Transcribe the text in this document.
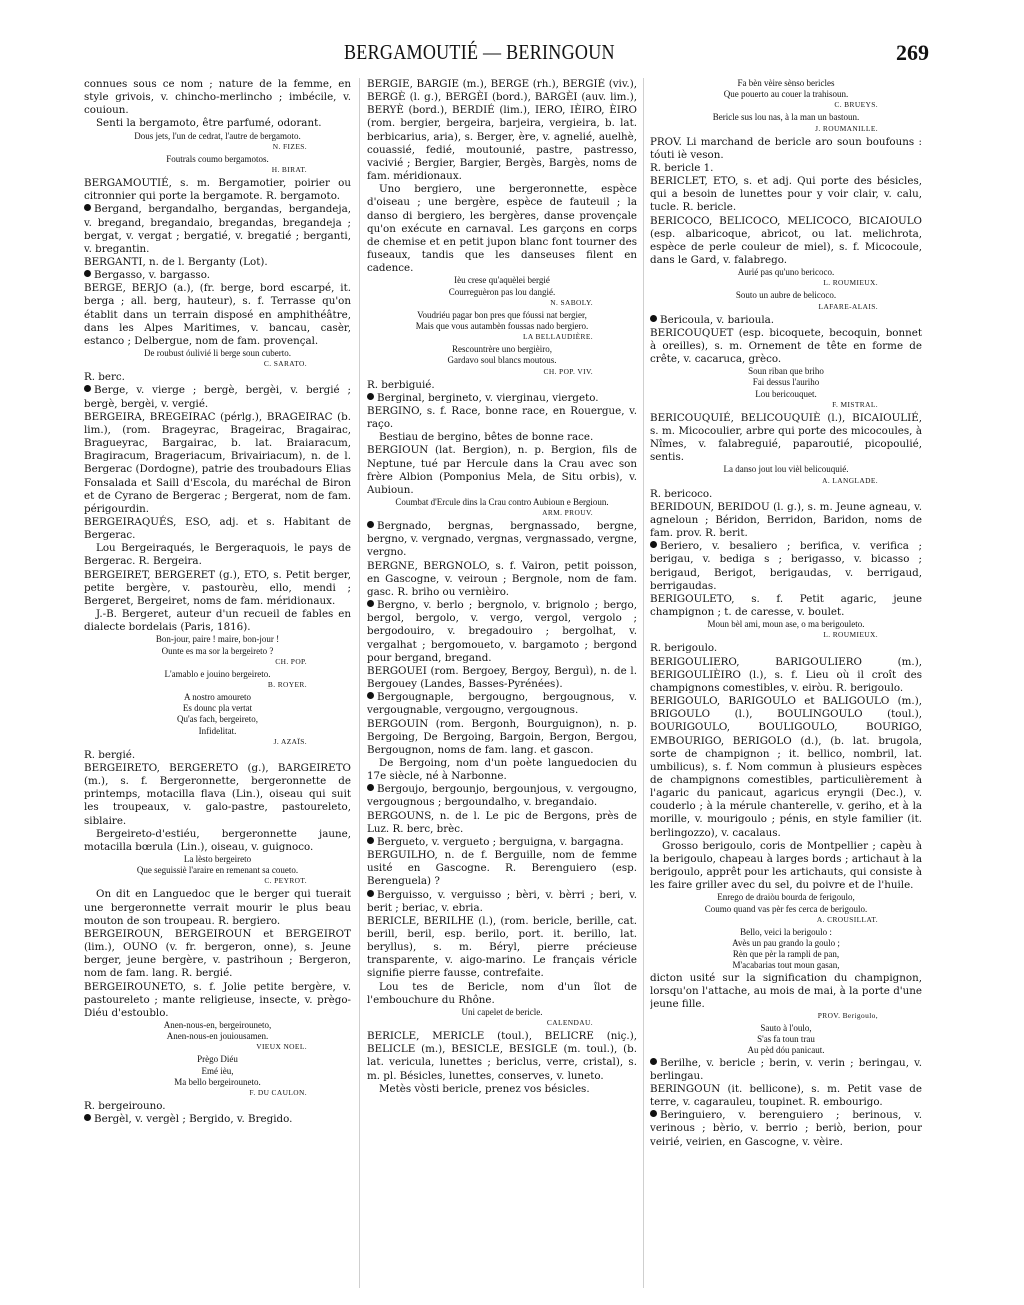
BERGAMOUTIÉ — BERINGOUN	269

connues sous ce nom ; nature de la femme, en style grivois, v. chincho-merlincho ; imbécile, v. couioun.

Senti la bergamoto, être parfumé, odorant.

Dous jets, l'un de cedrat, l'autre de bergamoto.

N. FIZES.

Foutrals coumo bergamotos.

H. BIRAT.

BERGAMOUTIÉ, s. m. Bergamotier, poirier ou citronnier qui porte la bergamote. R. bergamoto.

Bergand, bergandalho, bergandas, bergandeja, v. bregand, bregandaio, bregandas, bregandeja ; bergat, v. vergat ; bergatié, v. bregatié ; berganti, v. bregantin.

BERGANTI, n. de l. Berganty (Lot).

Bergasso, v. bargasso.

BERGE, BERJO (a.), (fr. berge, bord escarpé, it. berga ; all. berg, hauteur), s. f. Terrasse qu'on établit dans un terrain disposé en amphithéâtre, dans les Alpes Maritimes, v. bancau, casèr, estanco ; Delbergue, nom de fam. provençal.

De roubust óulivié li berge soun cuberto.

C. SARATO.

R. berc.

Berge, v. vierge ; bergè, bergèi, v. bergié ; bergè, bergèi, v. vergié.

BERGEIRA, BREGEIRAC (pérlg.), BRAGEIRAC (b. lim.), (rom. Brageyrac, Brageirac, Bragairac, Bragueyrac, Bargairac, b. lat. Braiaracum, Bragiracum, Brageriacum, Brivairiacum), n. de l. Bergerac (Dordogne), patrie des troubadours Elias Fonsalada et Saill d'Escola, du maréchal de Biron et de Cyrano de Bergerac ; Bergerat, nom de fam. périgourdin.

BERGEIRAQUÉS, ESO, adj. et s. Habitant de Bergerac.

Lou Bergeiraqués, le Bergeraquois, le pays de Bergerac. R. Bergeira.

BERGEIRET, BERGERET (g.), ETO, s. Petit berger, petite bergère, v. pastourèu, ello, mendi ; Bergeret, Bergeiret, noms de fam. méridionaux.

J.-B. Bergeret, auteur d'un recueil de fables en dialecte bordelais (Paris, 1816).

Bon-jour, paire ! maire, bon-jour !

Ounte es ma sor la bergeireto ?

CH. POP.

L'amablo e jouino bergeireto.

B. ROYER.

A nostro amoureto

Es dounc pla vertat

Qu'as fach, bergeireto,

Infidelitat.

J. AZAÏS.

R. bergié.

BERGEIRETO, BERGERETO (g.), BARGEIRETO (m.), s. f. Bergeronnette, bergeronnette de printemps, motacilla flava (Lin.), oiseau qui suit les troupeaux, v. galo-pastre, pastoureleto, siblaire.

Bergeireto-d'estiéu, bergeronnette jaune, motacilla bœrula (Lin.), oiseau, v. guignoco.

La lèsto bergeireto

Que seguissiè l'araire en remenant sa coueto.

C. PEYROT.

On dit en Languedoc que le berger qui tuerait une bergeronnette verrait mourir le plus beau mouton de son troupeau. R. bergiero.

BERGEIROUN, BERGEIROUN et BERGEIROT (lim.), OUNO (v. fr. bergeron, onne), s. Jeune berger, jeune bergère, v. pastrihoun ; Bergeron, nom de fam. lang. R. bergié.

BERGEIROUNETO, s. f. Jolie petite bergère, v. pastoureleto ; mante religieuse, insecte, v. prègo-Diéu d'estoublo.

Anen-nous-en, bergeirouneto,

Anen-nous-en jouiousamen.

VIEUX NOEL.

Prègo Diéu

Emé ièu,

Ma bello bergeirouneto.

F. DU CAULON.

R. bergeirouno.

Bergèl, v. vergèl ; Bergido, v. Bregido.

BERGIE, BARGIE (m.), BERGE (rh.), BERGIÈ (viv.), BERGÈ (l. g.), BERGÈI (bord.), BARGÈI (auv. lim.), BERYÈ (bord.), BERDIÉ (lim.), IERO, IÈIRO, ÈIRO (rom. bergier, bergeira, barjeira, vergieira, b. lat. berbicarius, aria), s. Berger, ère, v. agnelié, auelhè, couassié, fedié, moutounié, pastre, pastresso, vacivié ; Bergier, Bargier, Bergès, Bargès, noms de fam. méridionaux.

Uno bergiero, une bergeronnette, espèce d'oiseau ; une bergère, espèce de fauteuil ; la danso di bergiero, les bergères, danse provençale qu'on exécute en carnaval. Les garçons en corps de chemise et en petit jupon blanc font tourner des fuseaux, tandis que les danseuses filent en cadence.

Ièu crese qu'aquèlei bergié

Courreguèron pas lou dangié.

N. SABOLY.

Voudriéu pagar bon pres que fóussi nat bergier,

Mais que vous autambèn foussas nado bergiero.

LA BELLAUDIÈRE.

Rescountrère uno bergièiro,

Gardavo soul blancs moutous.

CH. POP. VIV.

R. berbiguié.

Berginal, bergineto, v. vierginau, viergeto.

BERGINO, s. f. Race, bonne race, en Rouergue, v. raço.

Bestiau de bergino, bêtes de bonne race.

BERGIOUN (lat. Bergion), n. p. Bergion, fils de Neptune, tué par Hercule dans la Crau avec son frère Albion (Pomponius Mela, de Situ orbis), v. Aubioun.

Coumbat d'Ercule dins la Crau contro Aubioun e Bergioun.

ARM. PROUV.

Bergnado, bergnas, bergnassado, bergne, bergno, v. vergnado, vergnas, vergnassado, vergne, vergno.

BERGNE, BERGNOLO, s. f. Vairon, petit poisson, en Gascogne, v. veiroun ; Bergnole, nom de fam. gasc. R. briho ou vernièiro.

Bergno, v. berlo ; bergnolo, v. brignolo ; bergo, bergol, bergolo, v. vergo, vergol, vergolo ; bergodouiro, v. bregadouiro ; bergolhat, v. vergalhat ; bergomoueto, v. bargamoto ; bergond pour bergand, bregand.

BERGOUEI (rom. Bergoey, Bergoy, Berguì), n. de l. Bergouey (Landes, Basses-Pyrénées).

Bergougnaple, bergougno, bergougnous, v. vergougnable, vergougno, vergougnous.

BERGOUIN (rom. Bergonh, Bourguignon), n. p. Bergoing, De Bergoing, Bargoin, Bergon, Bergou, Bergougnon, noms de fam. lang. et gascon.

De Bergoing, nom d'un poète languedocien du 17e siècle, né à Narbonne.

Bergoujo, bergounjo, bergounjous, v. vergougno, vergougnous ; bergoundalho, v. bregandaio.

BERGOUNS, n. de l. Le pic de Bergons, près de Luz. R. berc, brèc.

Bergueto, v. vergueto ; berguigna, v. bargagna.

BERGUILHO, n. de f. Berguille, nom de femme usité en Gascogne. R. Berenguiero (esp. Berenguela) ?

Berguisso, v. verguisso ; bèri, v. bèrri ; beri, v. berit ; beriac, v. ebria.

BERICLE, BERILHE (l.), (rom. bericle, berille, cat. berill, beril, esp. berilo, port. it. berillo, lat. beryllus), s. m. Béryl, pierre précieuse transparente, v. aigo-marino. Le français véricle signifie pierre fausse, contrefaite.

Lou tes de Bericle, nom d'un îlot de l'embouchure du Rhône.

Uni capelet de bericle.

CALENDAU.

BERICLE, MERICLE (toul.), BELICRE (niç.), BELICLE (m.), BESICLE, BESIGLE (m. toul.), (b. lat. vericula, lunettes ; bericlus, verre, cristal), s. m. pl. Bésicles, lunettes, conserves, v. luneto.

Metès vòsti bericle, prenez vos bésicles.

Fa bèn vèire sènso bericles

Que pouerto au couer la trahisoun.

C. BRUEYS.

Bericle sus lou nas, à la man un bastoun.

J. ROUMANILLE.

PROV. Li marchand de bericle aro soun boufouns : tóuti iè veson.

R. bericle 1.

BERICLET, ETO, s. et adj. Qui porte des bésicles, qui a besoin de lunettes pour y voir clair, v. calu, tucle. R. bericle.

BERICOCO, BELICOCO, MELICOCO, BICAIOULO (esp. albaricoque, abricot, ou lat. melichrota, espèce de perle couleur de miel), s. f. Micocoule, dans le Gard, v. falabrego.

Aurié pas qu'uno bericoco.

L. ROUMIEUX.

Souto un aubre de belicoco.

LAFARE-ALAIS.

Bericoula, v. barioula.

BERICOUQUET (esp. bicoquete, becoquin, bonnet à oreilles), s. m. Ornement de tête en forme de crête, v. cacaruca, grèco.

Soun riban que briho

Fai dessus l'auriho

Lou bericouquet.

F. MISTRAL.

BERICOUQUIÉ, BELICOUQUIÈ (l.), BICAIOULIÉ, s. m. Micocoulier, arbre qui porte des micocoules, à Nîmes, v. falabreguié, paparoutié, picopoulié, sentis.

La danso jout lou vièl belicouquié.

A. LANGLADE.

R. bericoco.

BERIDOUN, BERIDOU (l. g.), s. m. Jeune agneau, v. agneloun ; Béridon, Berridon, Baridon, noms de fam. prov. R. berit.

Beriero, v. besaliero ; berifica, v. verifica ; berigau, v. bediga s ; berigasso, v. bicasso ; berigaud, Berigot, berigaudas, v. berrigaud, berrigaudas.

BERIGOULETO, s. f. Petit agaric, jeune champignon ; t. de caresse, v. boulet.

Moun bèl ami, moun ase, o ma berigouleto.

L. ROUMIEUX.

R. berigoulo.

BERIGOULIERO, BARIGOULIERO (m.), BERIGOULIÈIRO (l.), s. f. Lieu où il croît des champignons comestibles, v. eiròu. R. berigoulo.

BERIGOULO, BARIGOULO et BALIGOULO (m.), BRIGOULO (l.), BOULINGOULO (toul.), BOURIGOULO, BOULIGOULO, BOURIGO, EMBOURIGO, BERIGOLO (d.), (b. lat. brugola, sorte de champignon ; it. bellico, nombril, lat. umbilicus), s. f. Nom commun à plusieurs espèces de champignons comestibles, particulièrement à l'agaric du panicaut, agaricus eryngii (Dec.), v. couderlo ; à la mérule chanterelle, v. geriho, et à la morille, v. mourigoulo ; pénis, en style familier (it. berlingozzo), v. cacalaus.

Grosso berigoulo, coris de Montpellier ; capèu à la berigoulo, chapeau à larges bords ; artichaut à la berigoulo, apprêt pour les artichauts, qui consiste à les faire griller avec du sel, du poivre et de l'huile.

Enrego de draiòu bourda de ferigoulo,

Coumo quand vas pèr fes cerca de berigoulo.

A. CROUSILLAT.

Bello, veici la berigoulo :

Avès un pau grando la goulo ;

Rèn que pèr la rampli de pan,

M'acabarias tout moun gasan,

dicton usité sur la signification du champignon, lorsqu'on l'attache, au mois de mai, à la porte d'une jeune fille.

PROV. Berigoulo,

Sauto à l'oulo,

S'as fa toun trau

Au pèd dóu panicaut.

Berilhe, v. bericle ; berin, v. verin ; beringau, v. berlingau.

BERINGOUN (it. bellicone), s. m. Petit vase de terre, v. cagarauleu, toupinet. R. embourigo.

Beringuiero, v. berenguiero ; berinous, v. verinous ; bèrio, v. berrio ; beriò, berion, pour veirié, veirien, en Gascogne, v. vèire.
